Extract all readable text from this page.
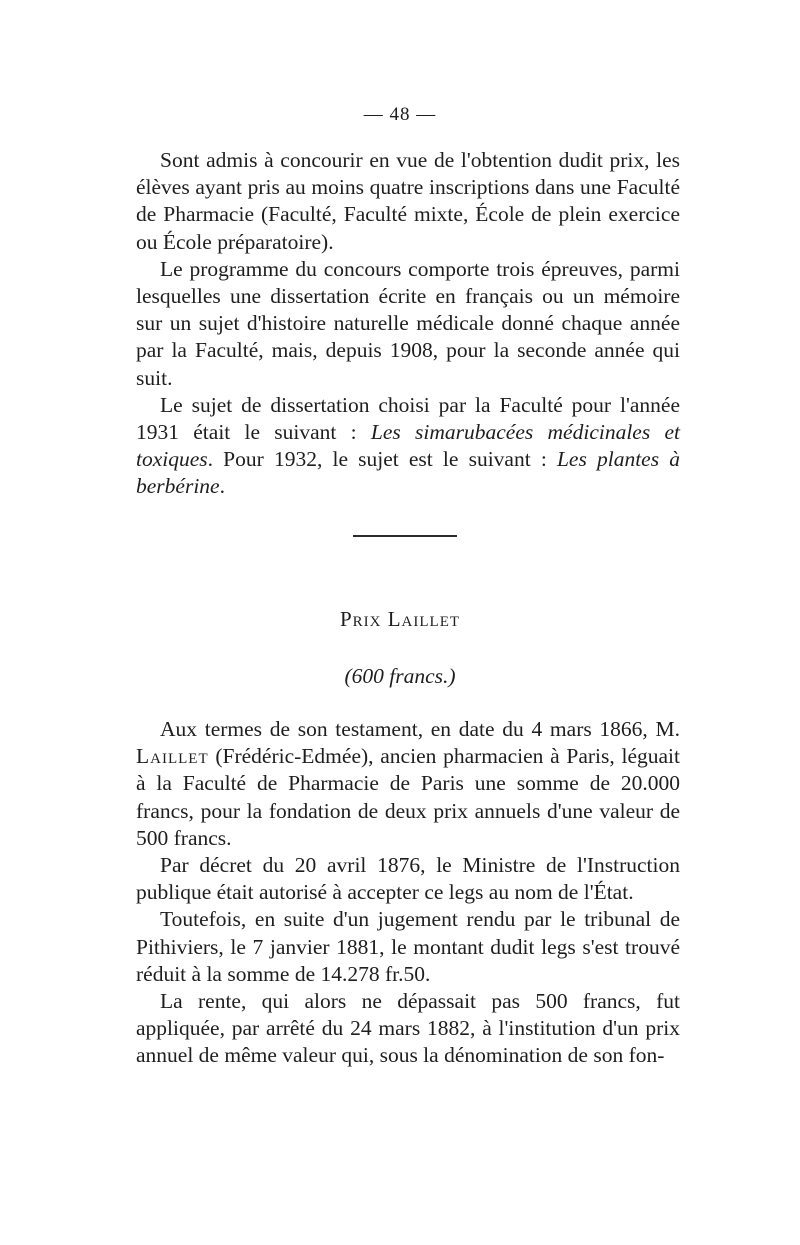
— 48 —

Sont admis à concourir en vue de l'obtention dudit prix, les élèves ayant pris au moins quatre inscriptions dans une Faculté de Pharmacie (Faculté, Faculté mixte, École de plein exercice ou École préparatoire).

Le programme du concours comporte trois épreuves, parmi lesquelles une dissertation écrite en français ou un mémoire sur un sujet d'histoire naturelle médicale donné chaque année par la Faculté, mais, depuis 1908, pour la seconde année qui suit.

Le sujet de dissertation choisi par la Faculté pour l'année 1931 était le suivant : Les simarubacées médicinales et toxiques. Pour 1932, le sujet est le suivant : Les plantes à berbérine.

Prix Laillet
(600 francs.)

Aux termes de son testament, en date du 4 mars 1866, M. Laillet (Frédéric-Edmée), ancien pharmacien à Paris, léguait à la Faculté de Pharmacie de Paris une somme de 20.000 francs, pour la fondation de deux prix annuels d'une valeur de 500 francs.

Par décret du 20 avril 1876, le Ministre de l'Instruction publique était autorisé à accepter ce legs au nom de l'État.

Toutefois, en suite d'un jugement rendu par le tribunal de Pithiviers, le 7 janvier 1881, le montant dudit legs s'est trouvé réduit à la somme de 14.278 fr.50.

La rente, qui alors ne dépassait pas 500 francs, fut appliquée, par arrêté du 24 mars 1882, à l'institution d'un prix annuel de même valeur qui, sous la dénomination de son fon-
